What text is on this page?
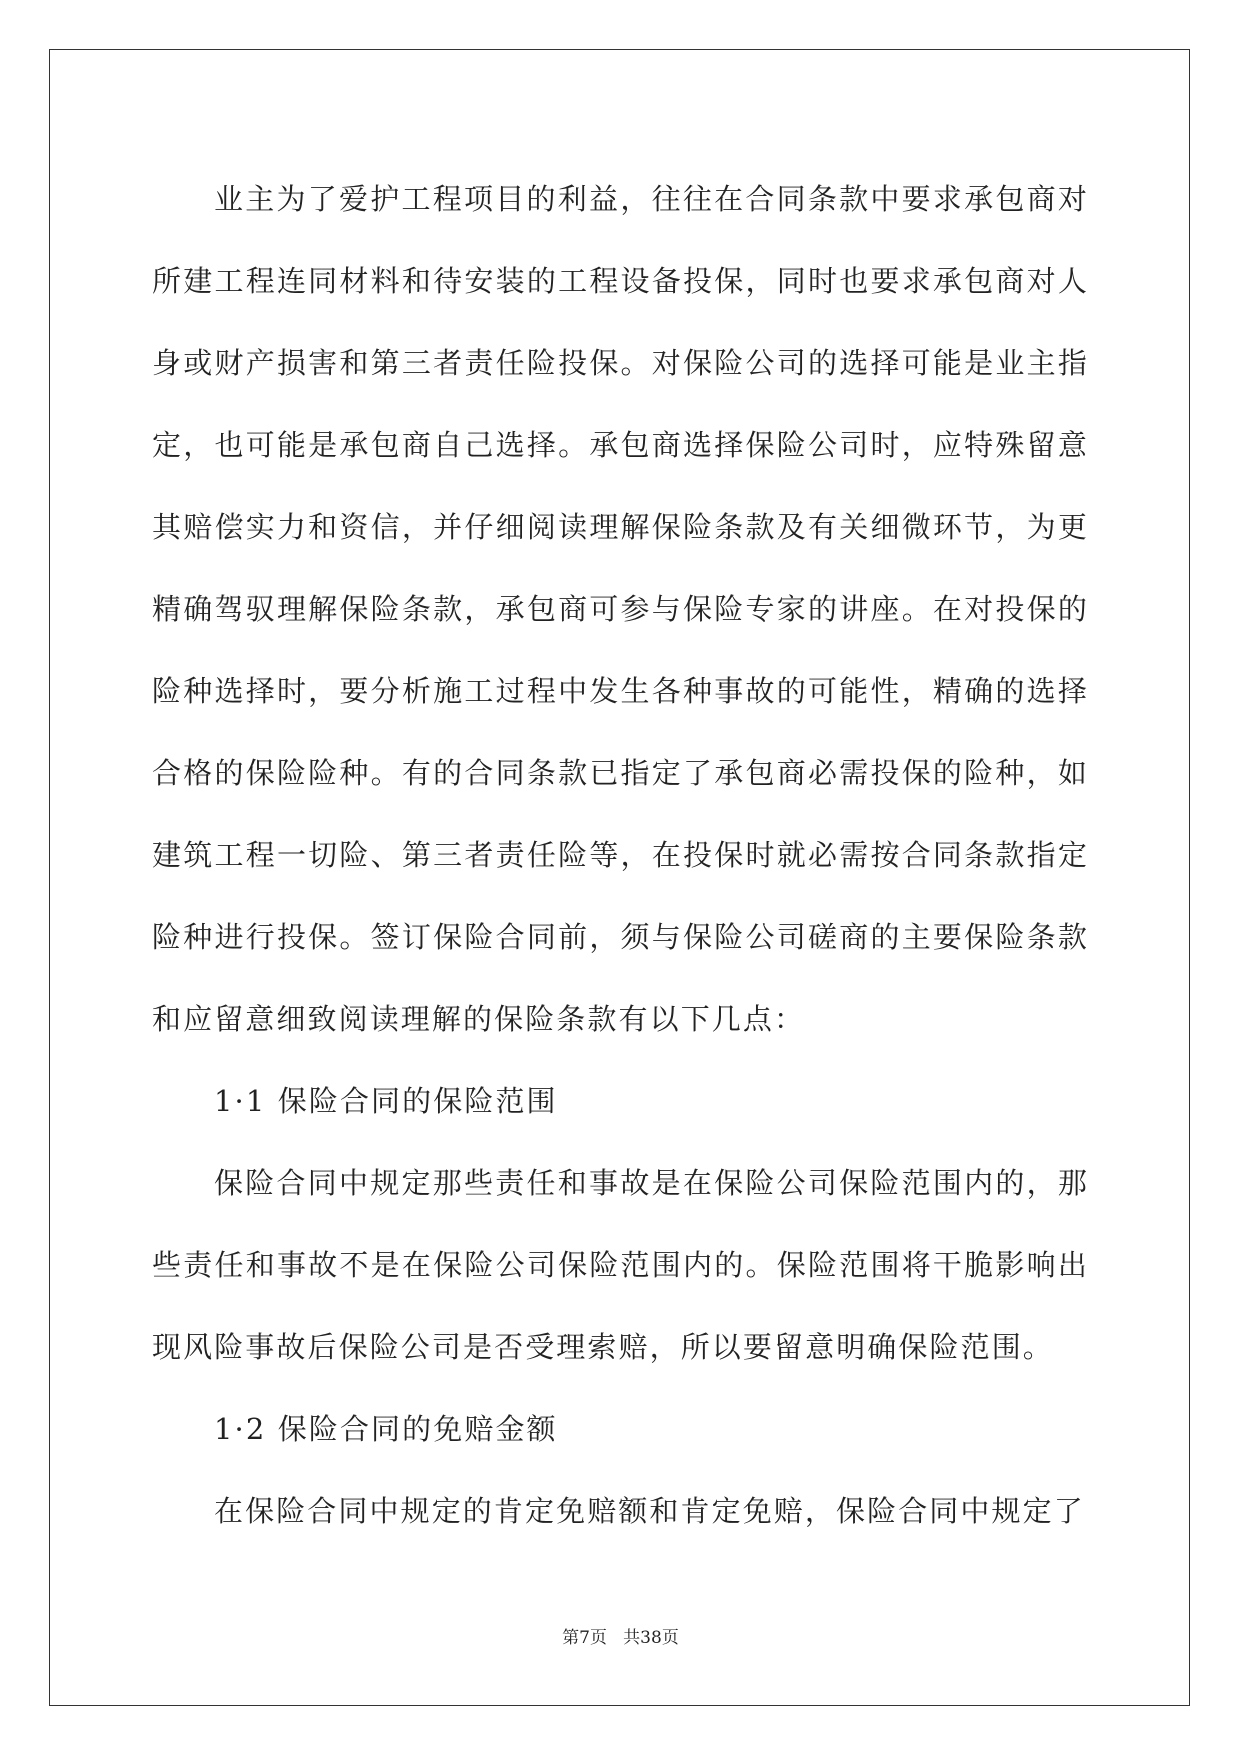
业主为了爱护工程项目的利益，往往在合同条款中要求承包商对所建工程连同材料和待安装的工程设备投保，同时也要求承包商对人身或财产损害和第三者责任险投保。对保险公司的选择可能是业主指定，也可能是承包商自己选择。承包商选择保险公司时，应特殊留意其赔偿实力和资信，并仔细阅读理解保险条款及有关细微环节，为更精确驾驭理解保险条款，承包商可参与保险专家的讲座。在对投保的险种选择时，要分析施工过程中发生各种事故的可能性，精确的选择合格的保险险种。有的合同条款已指定了承包商必需投保的险种，如建筑工程一切险、第三者责任险等，在投保时就必需按合同条款指定险种进行投保。签订保险合同前，须与保险公司磋商的主要保险条款和应留意细致阅读理解的保险条款有以下几点：

1·1 保险合同的保险范围

保险合同中规定那些责任和事故是在保险公司保险范围内的，那些责任和事故不是在保险公司保险范围内的。保险范围将干脆影响出现风险事故后保险公司是否受理索赔，所以要留意明确保险范围。

1·2 保险合同的免赔金额

在保险合同中规定的肯定免赔额和肯定免赔，保险合同中规定了

第7页   共38页
